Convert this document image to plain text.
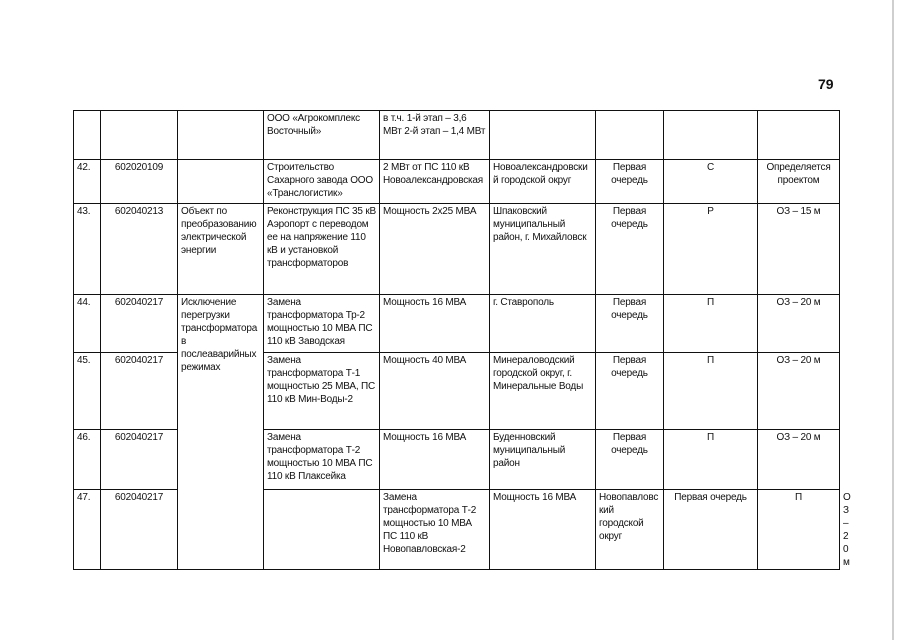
79
			ООО «Агрокомплекс Восточный»	в т.ч. 1-й этап – 3,6 МВт 2-й этап – 1,4 МВт					
42.	602020109		Строительство Сахарного завода ООО «Транслогистик»	2 МВт от ПС 110 кВ Новоалександровская	Новоалександровский городской округ	Первая очередь	С	Определяется проектом	
43.	602040213	Объект по преобразованию электрической энергии	Реконструкция ПС 35 кВ Аэропорт с переводом ее на напряжение 110 кВ и установкой трансформаторов	Мощность 2х25 МВА	Шпаковский муниципальный район, г. Михайловск	Первая очередь	Р	ОЗ – 15 м	
44.	602040217	Исключение перегрузки трансформатора в послеаварийных режимах	Замена трансформатора Тр-2 мощностью 10 МВА ПС 110 кВ Заводская	Мощность 16 МВА	г. Ставрополь	Первая очередь	П	ОЗ – 20 м	
45.	602040217		Замена трансформатора Т-1 мощностью 25 МВА, ПС 110 кВ Мин-Воды-2	Мощность 40 МВА	Минераловодский городской округ, г. Минеральные Воды	Первая очередь	П	ОЗ – 20 м	
46.	602040217		Замена трансформатора Т-2 мощностью 10 МВА ПС 110 кВ Плаксейка	Мощность 16 МВА	Буденновский муниципальный район	Первая очередь	П	ОЗ – 20 м	
47.	602040217			Замена трансформатора Т-2 мощностью 10 МВА ПС 110 кВ Новопавловская-2	Мощность 16 МВА	Новопавловский городской округ	Первая очередь	П	ОЗ – 20 м
